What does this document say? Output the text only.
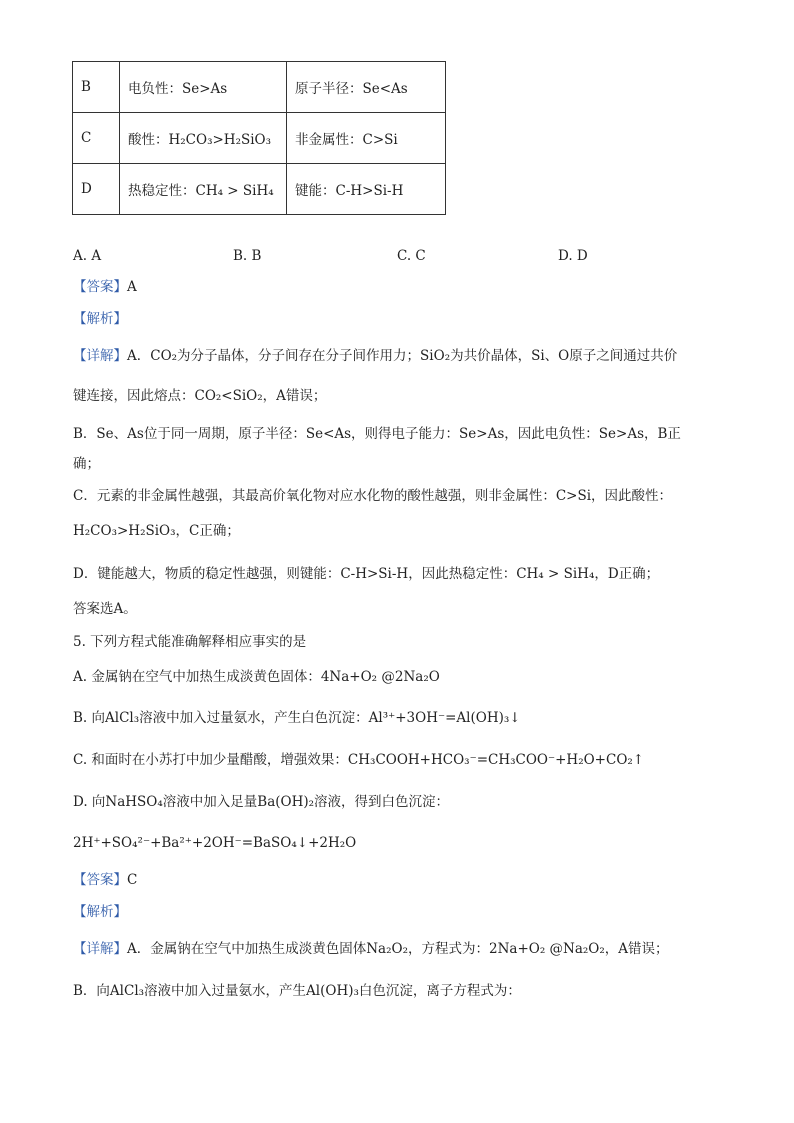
B	电负性：Se>As	原子半径：Se<As
C	酸性：H₂CO₃>H₂SiO₃	非金属性：C>Si
D	热稳定性：CH₄ > SiH₄	键能：C-H>Si-H
A. A	B. B	C. C	D. D
【答案】A
【解析】
【详解】A．CO₂为分子晶体，分子间存在分子间作用力；SiO₂为共价晶体，Si、O原子之间通过共价
键连接，因此熔点：CO₂<SiO₂，A错误；
B．Se、As位于同一周期，原子半径：Se<As，则得电子能力：Se>As，因此电负性：Se>As，B正
确；
C．元素的非金属性越强，其最高价氧化物对应水化物的酸性越强，则非金属性：C>Si，因此酸性：
H₂CO₃>H₂SiO₃，C正确；
D．键能越大，物质的稳定性越强，则键能：C-H>Si-H，因此热稳定性：CH₄ > SiH₄，D正确；
答案选A。
5. 下列方程式能准确解释相应事实的是
A. 金属钠在空气中加热生成淡黄色固体：4Na+O₂ @2Na₂O
B. 向AlCl₃溶液中加入过量氨水，产生白色沉淀：Al³⁺+3OH⁻=Al(OH)₃↓
C. 和面时在小苏打中加少量醋酸，增强效果：CH₃COOH+HCO₃⁻=CH₃COO⁻+H₂O+CO₂↑
D. 向NaHSO₄溶液中加入足量Ba(OH)₂溶液，得到白色沉淀：
2H⁺+SO₄²⁻+Ba²⁺+2OH⁻=BaSO₄↓+2H₂O
【答案】C
【解析】
【详解】A．金属钠在空气中加热生成淡黄色固体Na₂O₂，方程式为：2Na+O₂ @Na₂O₂，A错误；
B．向AlCl₃溶液中加入过量氨水，产生Al(OH)₃白色沉淀，离子方程式为：
